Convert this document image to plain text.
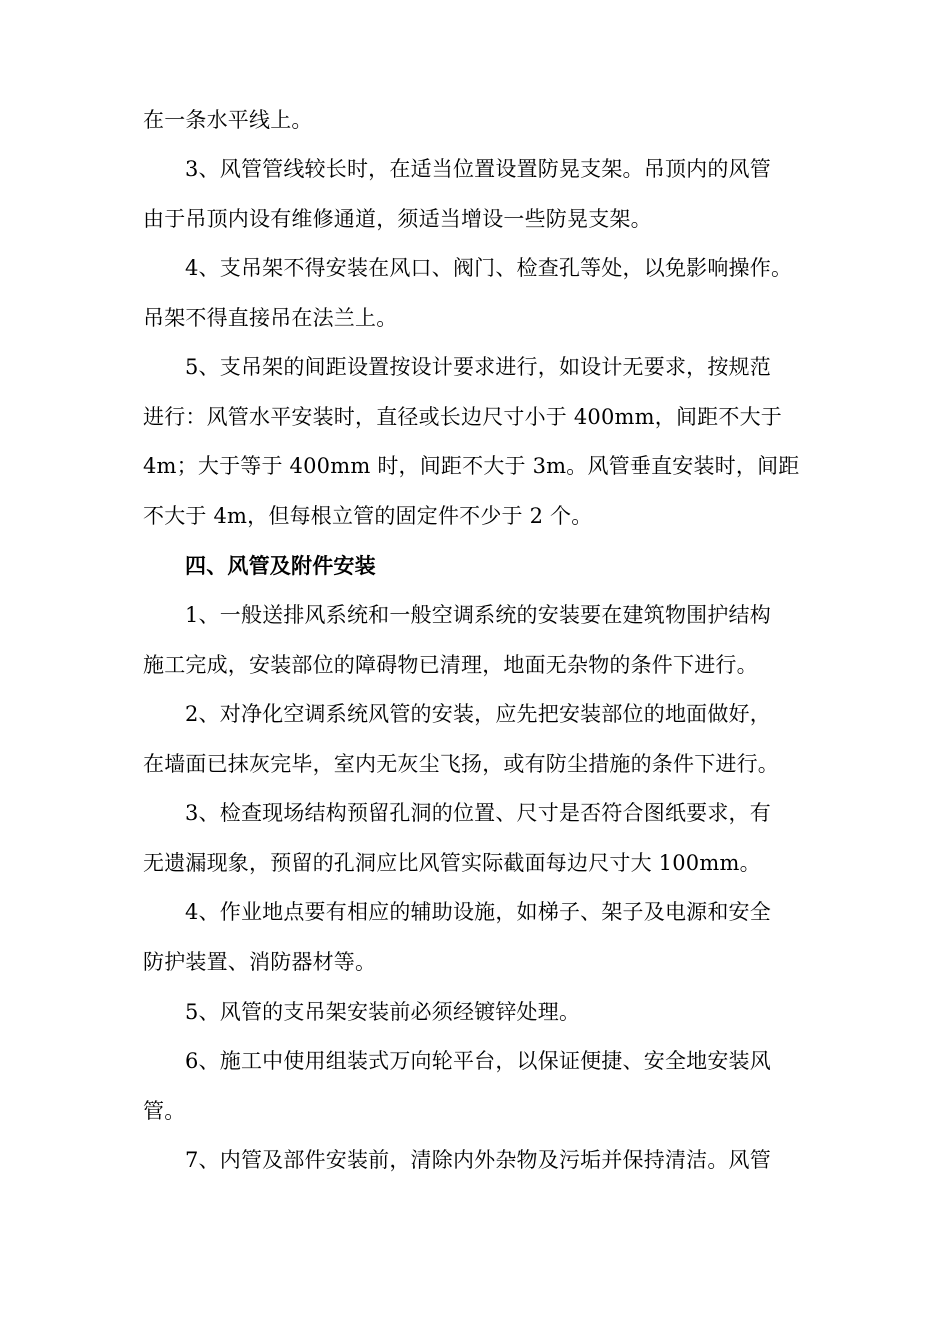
在一条水平线上。
3、风管管线较长时，在适当位置设置防晃支架。吊顶内的风管
由于吊顶内设有维修通道，须适当增设一些防晃支架。
4、支吊架不得安装在风口、阀门、检查孔等处，以免影响操作。
吊架不得直接吊在法兰上。
5、支吊架的间距设置按设计要求进行，如设计无要求，按规范
进行：风管水平安装时，直径或长边尺寸小于 400mm，间距不大于
4m；大于等于 400mm 时，间距不大于 3m。风管垂直安装时，间距
不大于 4m，但每根立管的固定件不少于 2 个。
四、风管及附件安装
1、一般送排风系统和一般空调系统的安装要在建筑物围护结构
施工完成，安装部位的障碍物已清理，地面无杂物的条件下进行。
2、对净化空调系统风管的安装，应先把安装部位的地面做好，
在墙面已抹灰完毕，室内无灰尘飞扬，或有防尘措施的条件下进行。
3、检查现场结构预留孔洞的位置、尺寸是否符合图纸要求，有
无遗漏现象，预留的孔洞应比风管实际截面每边尺寸大 100mm。
4、作业地点要有相应的辅助设施，如梯子、架子及电源和安全
防护装置、消防器材等。
5、风管的支吊架安装前必须经镀锌处理。
6、施工中使用组装式万向轮平台，以保证便捷、安全地安装风
管。
7、内管及部件安装前，清除内外杂物及污垢并保持清洁。风管
